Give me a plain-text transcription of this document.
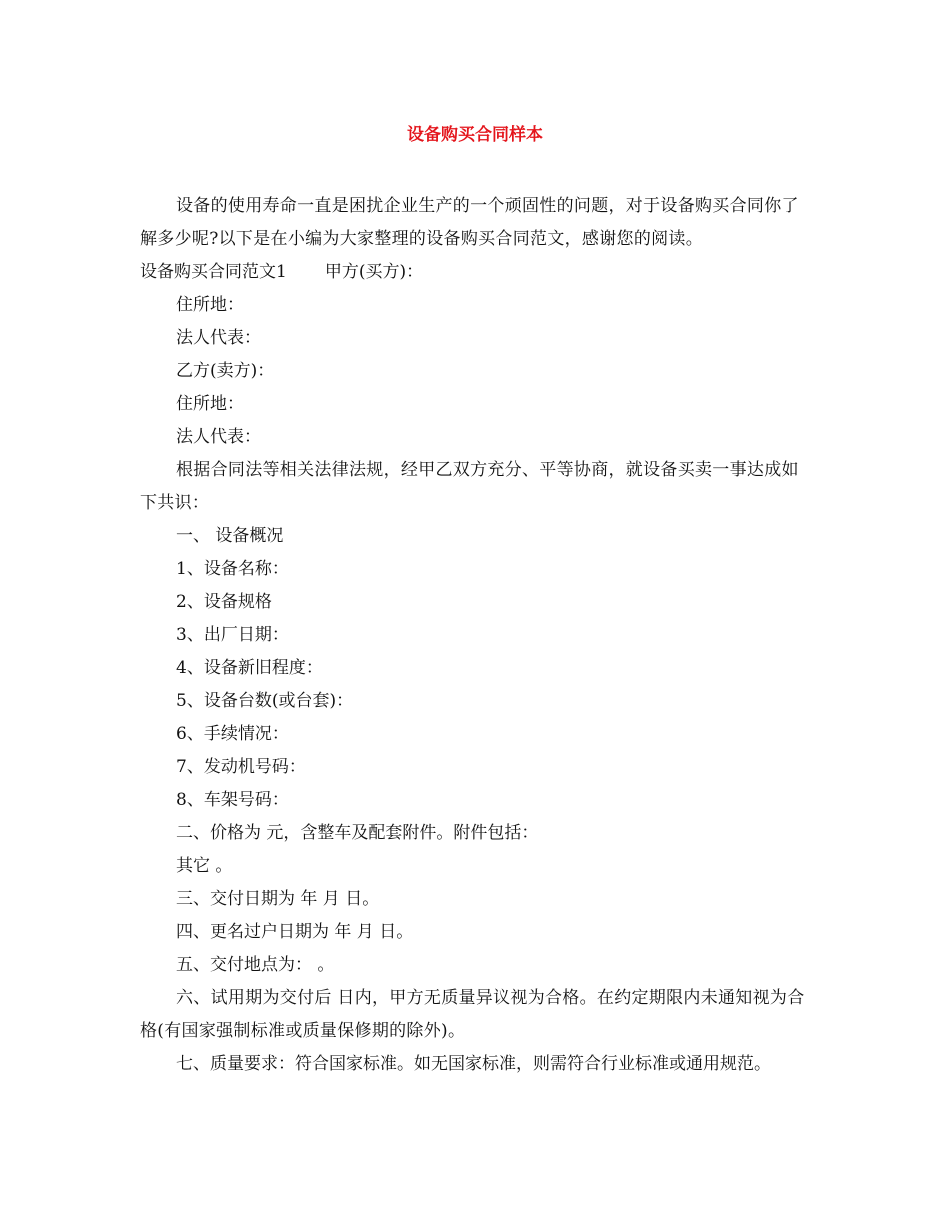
设备购买合同样本

设备的使用寿命一直是困扰企业生产的一个顽固性的问题，对于设备购买合同你了解多少呢?以下是在小编为大家整理的设备购买合同范文，感谢您的阅读。

设备购买合同范文1 甲方(买方)：

住所地：

法人代表：

乙方(卖方)：

住所地：

法人代表：

根据合同法等相关法律法规，经甲乙双方充分、平等协商，就设备买卖一事达成如下共识：

一、 设备概况

1、设备名称：

2、设备规格

3、出厂日期：

4、设备新旧程度：

5、设备台数(或台套)：

6、手续情况：

7、发动机号码：

8、车架号码：

二、价格为 元，含整车及配套附件。附件包括：

其它 。

三、交付日期为 年 月 日。

四、更名过户日期为 年 月 日。

五、交付地点为： 。

六、试用期为交付后 日内，甲方无质量异议视为合格。在约定期限内未通知视为合格(有国家强制标准或质量保修期的除外)。

七、质量要求：符合国家标准。如无国家标准，则需符合行业标准或通用规范。
